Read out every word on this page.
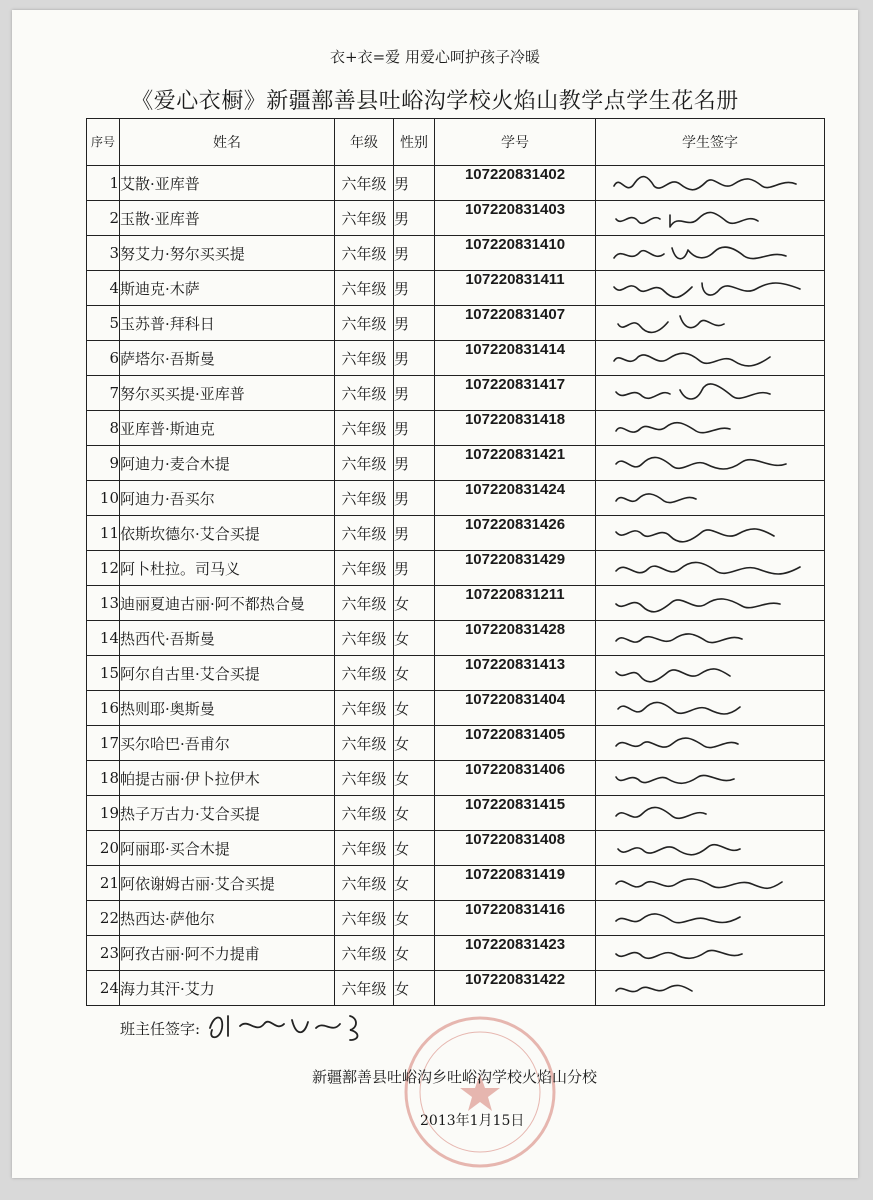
衣+衣=爱 用爱心呵护孩子冷暖
《爱心衣橱》新疆鄯善县吐峪沟学校火焰山教学点学生花名册
序号	姓名	年级	性别	学号	学生签字
1	艾散·亚库普	六年级	男	107220831402	

2	玉散·亚库普	六年级	男	107220831403	

3	努艾力·努尔买买提	六年级	男	107220831410	

4	斯迪克·木萨	六年级	男	107220831411	

5	玉苏普·拜科日	六年级	男	107220831407	

6	萨塔尔·吾斯曼	六年级	男	107220831414	

7	努尔买买提·亚库普	六年级	男	107220831417	

8	亚库普·斯迪克	六年级	男	107220831418	

9	阿迪力·麦合木提	六年级	男	107220831421	

10	阿迪力·吾买尔	六年级	男	107220831424	

11	依斯坎德尔·艾合买提	六年级	男	107220831426	

12	阿卜杜拉。司马义	六年级	男	107220831429	

13	迪丽夏迪古丽·阿不都热合曼	六年级	女	107220831211	

14	热西代·吾斯曼	六年级	女	107220831428	

15	阿尔自古里·艾合买提	六年级	女	107220831413	

16	热则耶·奥斯曼	六年级	女	107220831404	

17	买尔哈巴·吾甫尔	六年级	女	107220831405	

18	帕提古丽·伊卜拉伊木	六年级	女	107220831406	

19	热子万古力·艾合买提	六年级	女	107220831415	

20	阿丽耶·买合木提	六年级	女	107220831408	

21	阿依谢姆古丽·艾合买提	六年级	女	107220831419	

22	热西达·萨他尔	六年级	女	107220831416	

23	阿孜古丽·阿不力提甫	六年级	女	107220831423	

24	海力其汗·艾力	六年级	女	107220831422	
班主任签字:
新疆鄯善县吐峪沟乡吐峪沟学校火焰山分校
2013年1月15日
